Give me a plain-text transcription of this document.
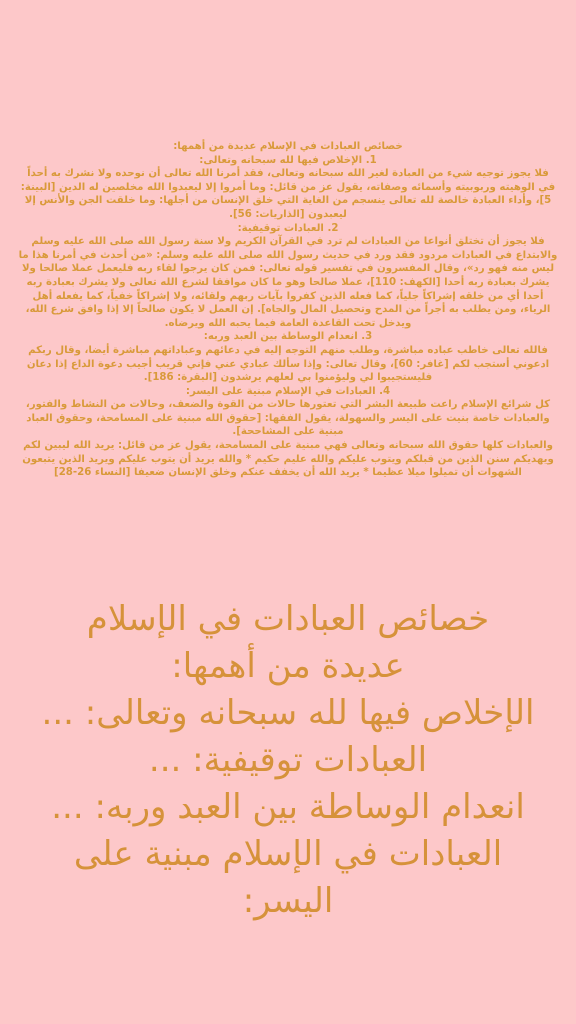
خصائص العبادات في الإسلام عديدة من أهمها:

1. الإخلاص فيها لله سبحانه وتعالى:

فلا يجوز توجيه شيء من العبادة لغير الله سبحانه وتعالى، فقد أمرنا الله تعالى أن نوحده ولا نشرك به أحداً في الوهيته وربوبيته وأسمائه وصفاته، يقول عز من قائل: وما أمروا إلا ليعبدوا الله مخلصين له الدين [البينة: 5]، وأداء العبادة خالصة لله تعالى ينسجم من الغاية التي خلق الإنسان من أجلها: وما خلقت الجن والأنس إلا ليعبدون [الذاريات: 56].

2. العبادات توقيفية:

فلا يجوز أن تختلق أنواعا من العبادات لم ترد في القرآن الكريم ولا سنة رسول الله صلى الله عليه وسلم والابتداع في العبادات مردود فقد ورد في حديث رسول الله صلى الله عليه وسلم: «من أحدث في أمرنا هذا ما ليس منه فهو رد»، وقال المفسرون في تفسير قوله تعالى: فمن كان يرجوا لقاء ربه فليعمل عملا صالحا ولا يشرك بعبادة ربه أحدا [الكهف: 110]، عملا صالحا وهو ما كان موافقا لشرع الله تعالى ولا يشرك بعبادة ربه أحدا أي من خلقه إشراكاً جلياً، كما فعله الذين كفروا بآيات ربهم ولقائه، ولا إشراكاً خفياً، كما يفعله أهل الرياء، ومن يطلب به أجراً من المدح وتحصيل المال والجاه]. إن العمل لا يكون صالحاً إلا إذا وافق شرع الله، ويدخل تحت القاعدة العامة فيما يحبه الله ويرضاه.

3. انعدام الوساطة بين العبد وربه:

فالله تعالى خاطب عباده مباشرة، وطلب منهم التوجه إليه في دعائهم وعباداتهم مباشرة أيضا، وقال ربكم ادعوني أستجب لكم [غافر: 60]، وقال تعالى: وإذا سألك عبادي عني فإني قريب أجيب دعوة الداع إذا دعان فليستجيبوا لي وليؤمنوا بي لعلهم يرشدون [البقرة: 186].

4. العبادات في الإسلام مبنية على اليسر:

كل شرائع الإسلام راعت طبيعة البشر التي تعتورها حالات من القوة والضعف، وحالات من النشاط والفتور، والعبادات خاصة بنيت على اليسر والسهولة، يقول الفقها: [حقوق الله مبنية على المسامحة، وحقوق العباد مبنية على المشاححة].

والعبادات كلها حقوق الله سبحانه وتعالى فهي مبنية على المسامحة، يقول عز من قائل: يريد الله ليبين لكم ويهديكم سنن الذين من قبلكم ويتوب عليكم والله عليم حكيم * والله يريد أن يتوب عليكم ويريد الذين يتبعون الشهوات أن تميلوا ميلا عظيما * يريد الله أن يخفف عنكم وخلق الإنسان ضعيفا [النساء 26-28]

خصائص العبادات في الإسلام
عديدة من أهمها:
الإخلاص فيها لله سبحانه وتعالى: ...
العبادات توقيفية: ...
انعدام الوساطة بين العبد وربه: ...
العبادات في الإسلام مبنية على
اليسر:
